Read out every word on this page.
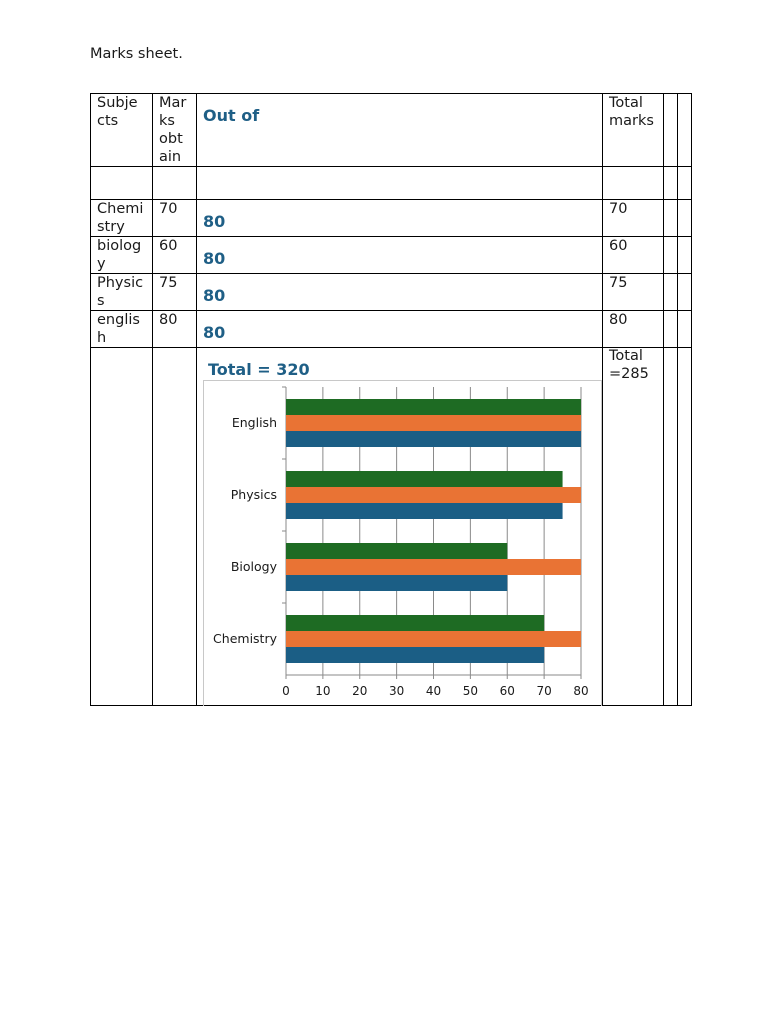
Marks sheet.
Subje
cts
Mar
ks
obt
ain
Out of
Total
marks
Chemi
stry
70
80
70
biolog
y
60
80
60
Physic
s
75
80
75
englis
h
80
80
80
Total = 320
Total
=285
0 10 20 30 40 50 60 70 80
Chemistry
Biology
Physics
English
